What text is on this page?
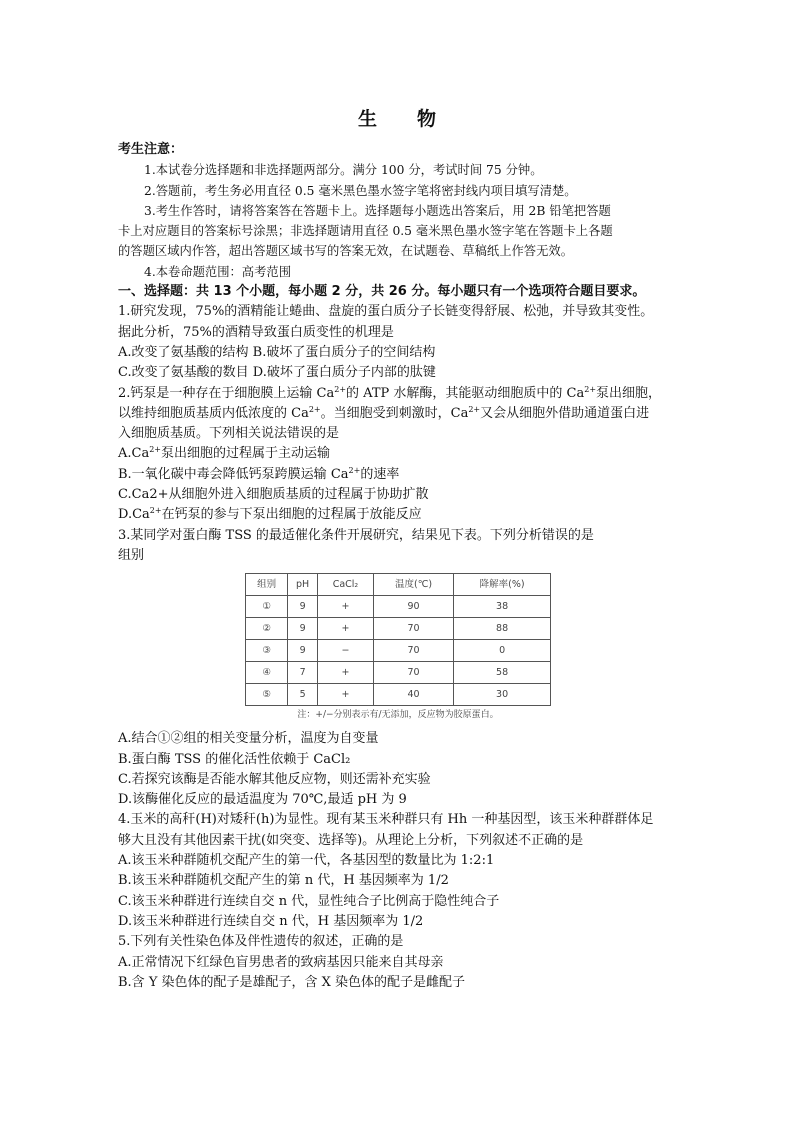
生 物

考生注意：

1.本试卷分选择题和非选择题两部分。满分 100 分，考试时间 75 分钟。

2.答题前，考生务必用直径 0.5 毫米黑色墨水签字笔将密封线内项目填写清楚。

3.考生作答时，请将答案答在答题卡上。选择题每小题选出答案后，用 2B 铅笔把答题

卡上对应题目的答案标号涂黑；非选择题请用直径 0.5 毫米黑色墨水签字笔在答题卡上各题

的答题区域内作答，超出答题区域书写的答案无效，在试题卷、草稿纸上作答无效。

4.本卷命题范围：高考范围

一、选择题：共 13 个小题，每小题 2 分，共 26 分。每小题只有一个选项符合题目要求。

1.研究发现，75%的酒精能让蜷曲、盘旋的蛋白质分子长链变得舒展、松弛，并导致其变性。

据此分析，75%的酒精导致蛋白质变性的机理是

A.改变了氨基酸的结构 B.破坏了蛋白质分子的空间结构

C.改变了氨基酸的数目 D.破坏了蛋白质分子内部的肽键

2.钙泵是一种存在于细胞膜上运输 $Ca^{2+}$的 ATP 水解酶，其能驱动细胞质中的 $Ca^{2+}$泵出细胞，

以维持细胞质基质内低浓度的 $Ca^{2+}$。当细胞受到刺激时，$Ca^{2+}$又会从细胞外借助通道蛋白进

入细胞质基质。下列相关说法错误的是

$A.Ca^{2+}$泵出细胞的过程属于主动运输

B.一氧化碳中毒会降低钙泵跨膜运输 $Ca^{2+}$的速率

C.Ca2+从细胞外进入细胞质基质的过程属于协助扩散

$D.Ca^{2+}$在钙泵的参与下泵出细胞的过程属于放能反应

3.某同学对蛋白酶 TSS 的最适催化条件开展研究，结果见下表。下列分析错误的是

组别

组别	pH	CaCl₂	温度(℃)	降解率(%)
①	9	+	90	38
②	9	+	70	88
③	9	−	70	0
④	7	+	70	58
⑤	5	+	40	30
注：+/−分别表示有/无添加，反应物为胶原蛋白。

A.结合①②组的相关变量分析，温度为自变量

B.蛋白酶 TSS 的催化活性依赖于 CaCl₂

C.若探究该酶是否能水解其他反应物，则还需补充实验

D.该酶催化反应的最适温度为 70℃,最适 pH 为 9

4.玉米的高秆(H)对矮秆(h)为显性。现有某玉米种群只有 Hh 一种基因型，该玉米种群群体足

够大且没有其他因素干扰(如突变、选择等)。从理论上分析，下列叙述不正确的是

A.该玉米种群随机交配产生的第一代，各基因型的数量比为 1:2:1

B.该玉米种群随机交配产生的第 n 代，H 基因频率为 1/2

C.该玉米种群进行连续自交 n 代，显性纯合子比例高于隐性纯合子

D.该玉米种群进行连续自交 n 代，H 基因频率为 1/2

5.下列有关性染色体及伴性遗传的叙述，正确的是

A.正常情况下红绿色盲男患者的致病基因只能来自其母亲

B.含 Y 染色体的配子是雄配子，含 X 染色体的配子是雌配子
